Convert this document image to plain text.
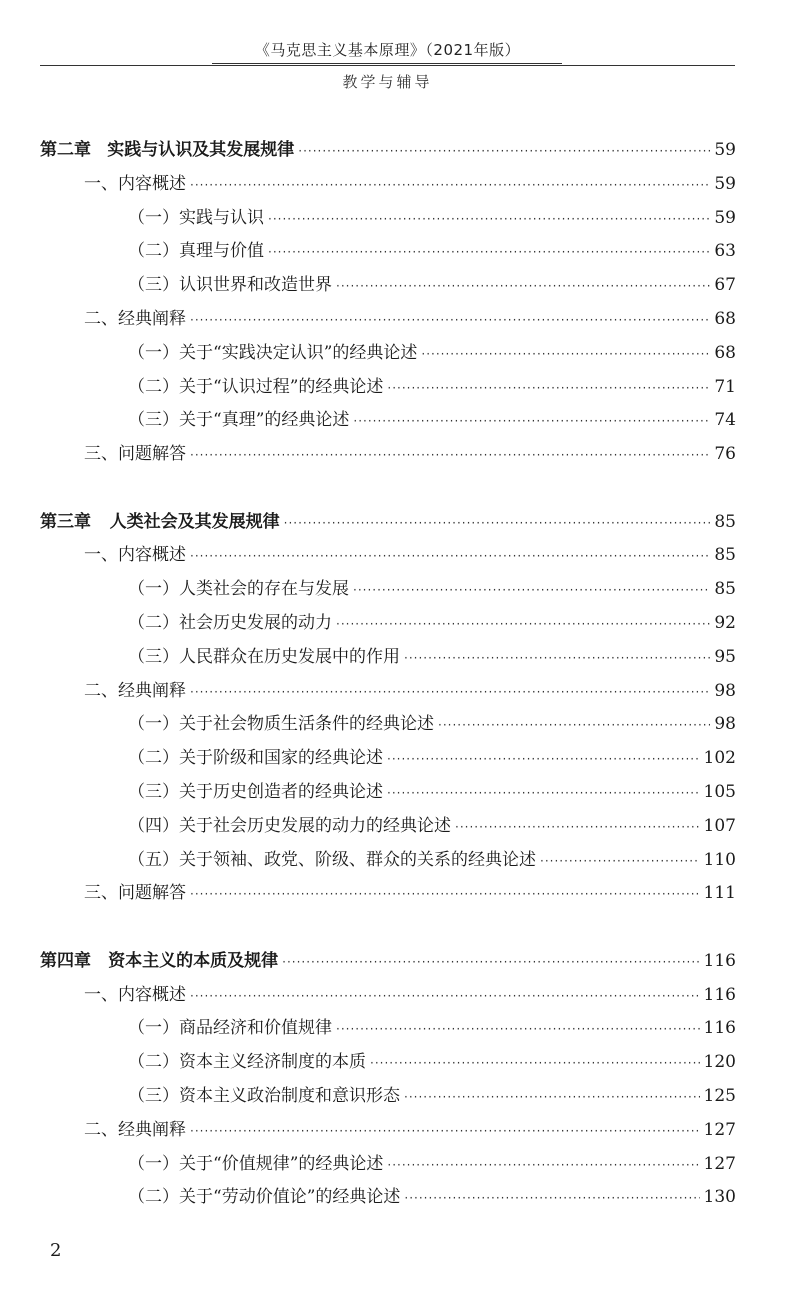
《马克思主义基本原理》（2021年版）
教学与辅导
第二章 实践与认识及其发展规律 ·····	59
一、内容概述 ·····	59
（一）实践与认识 ·····	59
（二）真理与价值 ·····	63
（三）认识世界和改造世界 ·····	67
二、经典阐释 ·····	68
（一）关于“实践决定认识”的经典论述 ·····	68
（二）关于“认识过程”的经典论述 ·····	71
（三）关于“真理”的经典论述 ·····	74
三、问题解答 ·····	76
第三章	人类社会及其发展规律 ·····	85
一、内容概述 ·····	85
（一）人类社会的存在与发展 ·····	85
（二）社会历史发展的动力 ·····	92
（三）人民群众在历史发展中的作用 ·····	95
二、经典阐释 ·····	98
（一）关于社会物质生活条件的经典论述 ·····	98
（二）关于阶级和国家的经典论述 ·····	102
（三）关于历史创造者的经典论述 ·····	105
（四）关于社会历史发展的动力的经典论述 ·····	107
（五）关于领袖、政党、阶级、群众的关系的经典论述 ·····	110
三、问题解答 ·····	111
第四章	资本主义的本质及规律 ·····	116
一、内容概述 ·····	116
（一）商品经济和价值规律 ·····	116
（二）资本主义经济制度的本质 ·····	120
（三）资本主义政治制度和意识形态 ·····	125
二、经典阐释 ·····	127
（一）关于“价值规律”的经典论述 ·····	127
（二）关于“劳动价值论”的经典论述 ·····	130
2
